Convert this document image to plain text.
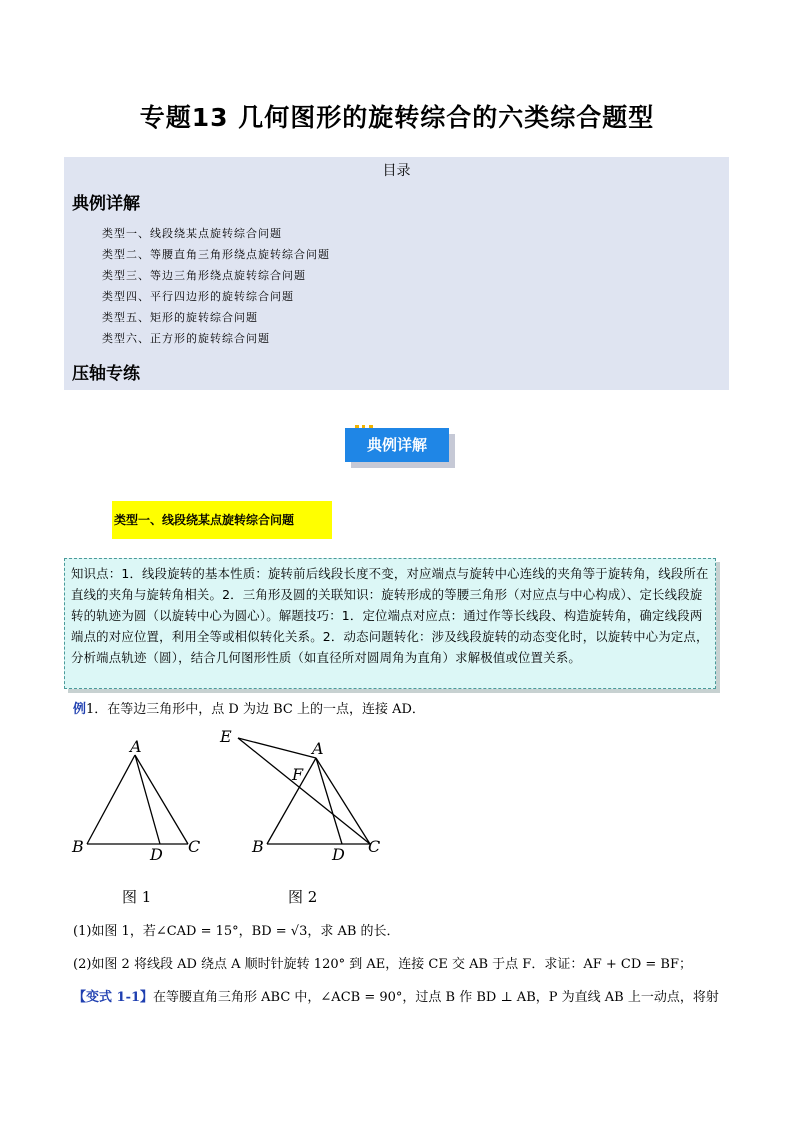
专题13 几何图形的旋转综合的六类综合题型
目录
典例详解
类型一、线段绕某点旋转综合问题
类型二、等腰直角三角形绕点旋转综合问题
类型三、等边三角形绕点旋转综合问题
类型四、平行四边形的旋转综合问题
类型五、矩形的旋转综合问题
类型六、正方形的旋转综合问题
压轴专练
典例详解
类型一、线段绕某点旋转综合问题
知识点：1．线段旋转的基本性质：旋转前后线段长度不变，对应端点与旋转中心连线的夹角等于旋转角，线段所在直线的夹角与旋转角相关。2．三角形及圆的关联知识：旋转形成的等腰三角形（对应点与中心构成）、定长线段旋转的轨迹为圆（以旋转中心为圆心）。解题技巧：1．定位端点对应点：通过作等长线段、构造旋转角，确定线段两端点的对应位置，利用全等或相似转化关系。2．动态问题转化：涉及线段旋转的动态变化时，以旋转中心为定点，分析端点轨迹（圆），结合几何图形性质（如直径所对圆周角为直角）求解极值或位置关系。
例1．在等边三角形中，点 D 为边 BC 上的一点，连接 AD．
A
B	C
D
A
B	C
D
E
F
图 1	图 2
(1)如图 1，若∠CAD = 15°，BD = √3，求 AB 的长．
(2)如图 2 将线段 AD 绕点 A 顺时针旋转 120° 到 AE，连接 CE 交 AB 于点 F．求证：AF + CD = BF；
【变式 1-1】在等腰直角三角形 ABC 中，∠ACB = 90°，过点 B 作 BD ⊥ AB，P 为直线 AB 上一动点，将射
